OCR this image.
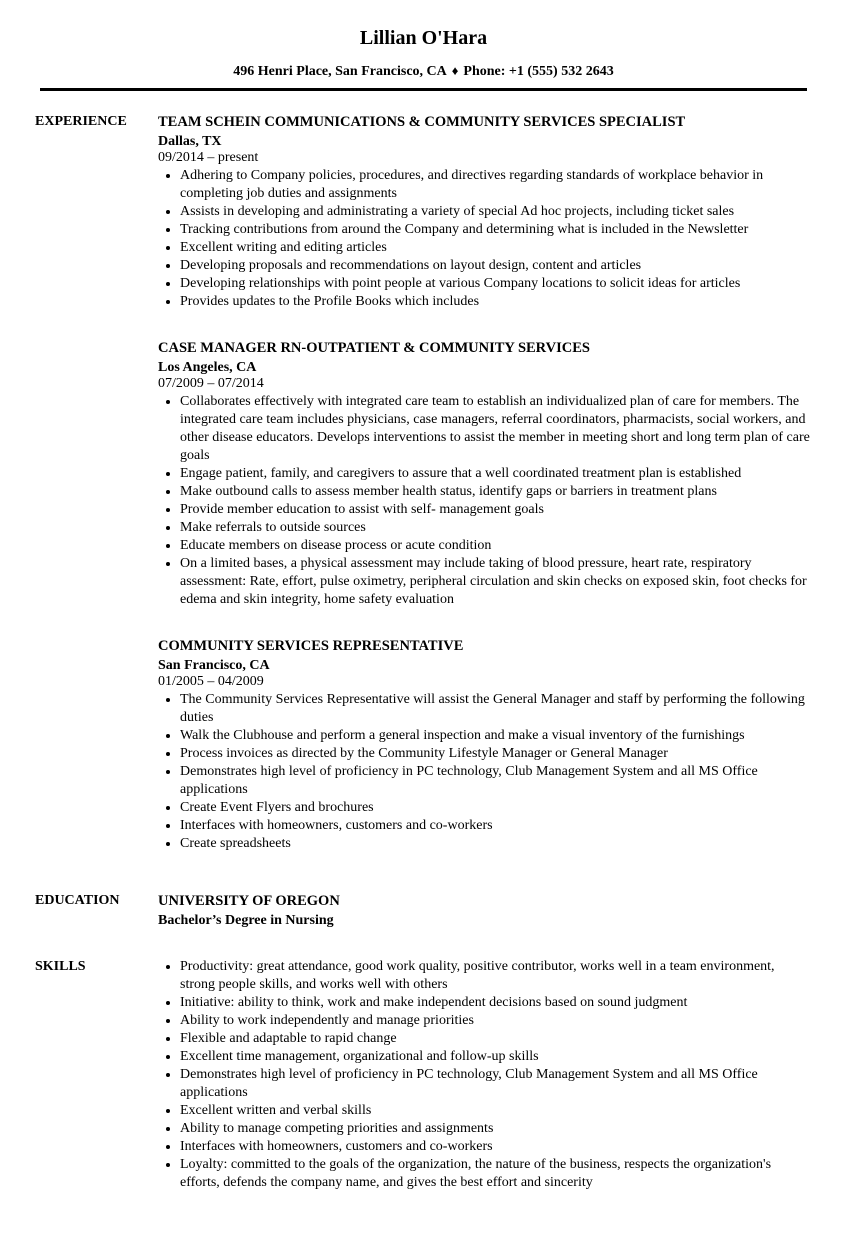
Lillian O'Hara

496 Henri Place, San Francisco, CA ♦ Phone: +1 (555) 532 2643

EXPERIENCE	TEAM SCHEIN COMMUNICATIONS & COMMUNITY SERVICES SPECIALIST
Dallas, TX
09/2014 – present
• Adhering to Company policies, procedures, and directives regarding standards of workplace behavior in completing job duties and assignments
• Assists in developing and administrating a variety of special Ad hoc projects, including ticket sales
• Tracking contributions from around the Company and determining what is included in the Newsletter
• Excellent writing and editing articles
• Developing proposals and recommendations on layout design, content and articles
• Developing relationships with point people at various Company locations to solicit ideas for articles
• Provides updates to the Profile Books which includes
CASE MANAGER RN-OUTPATIENT & COMMUNITY SERVICES
Los Angeles, CA
07/2009 – 07/2014
• Collaborates effectively with integrated care team to establish an individualized plan of care for members. The integrated care team includes physicians, case managers, referral coordinators, pharmacists, social workers, and other disease educators. Develops interventions to assist the member in meeting short and long term plan of care goals
• Engage patient, family, and caregivers to assure that a well coordinated treatment plan is established
• Make outbound calls to assess member health status, identify gaps or barriers in treatment plans
• Provide member education to assist with self- management goals
• Make referrals to outside sources
• Educate members on disease process or acute condition
• On a limited bases, a physical assessment may include taking of blood pressure, heart rate, respiratory assessment: Rate, effort, pulse oximetry, peripheral circulation and skin checks on exposed skin, foot checks for edema and skin integrity, home safety evaluation
COMMUNITY SERVICES REPRESENTATIVE
San Francisco, CA
01/2005 – 04/2009
• The Community Services Representative will assist the General Manager and staff by performing the following duties
• Walk the Clubhouse and perform a general inspection and make a visual inventory of the furnishings
• Process invoices as directed by the Community Lifestyle Manager or General Manager
• Demonstrates high level of proficiency in PC technology, Club Management System and all MS Office applications
• Create Event Flyers and brochures
• Interfaces with homeowners, customers and co-workers
• Create spreadsheets
EDUCATION	UNIVERSITY OF OREGON
Bachelor’s Degree in Nursing
SKILLS	• Productivity: great attendance, good work quality, positive contributor, works well in a team environment, strong people skills, and works well with others
• Initiative: ability to think, work and make independent decisions based on sound judgment
• Ability to work independently and manage priorities
• Flexible and adaptable to rapid change
• Excellent time management, organizational and follow-up skills
• Demonstrates high level of proficiency in PC technology, Club Management System and all MS Office applications
• Excellent written and verbal skills
• Ability to manage competing priorities and assignments
• Interfaces with homeowners, customers and co-workers
• Loyalty: committed to the goals of the organization, the nature of the business, respects the organization's efforts, defends the company name, and gives the best effort and sincerity
